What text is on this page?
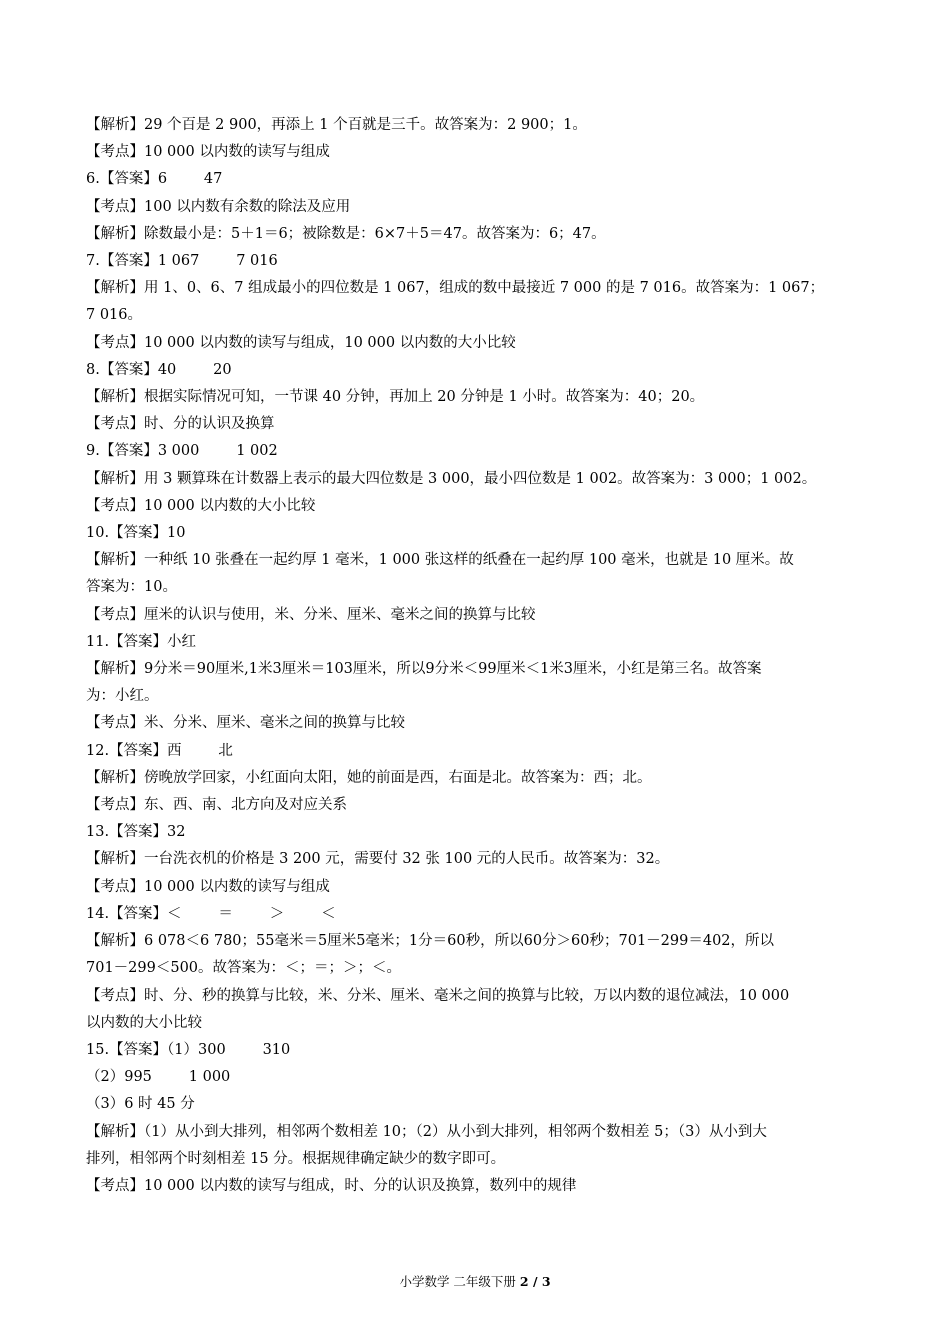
【解析】29 个百是 2 900，再添上 1 个百就是三千。故答案为：2 900；1。

【考点】10 000 以内数的读写与组成

6.【答案】6        47

【考点】100 以内数有余数的除法及应用

【解析】除数最小是：5＋1＝6；被除数是：6×7＋5＝47。故答案为：6；47。

7.【答案】1 067        7 016

【解析】用 1、0、6、7 组成最小的四位数是 1 067，组成的数中最接近 7 000 的是 7 016。故答案为：1 067；

7 016。

【考点】10 000 以内数的读写与组成，10 000 以内数的大小比较

8.【答案】40        20

【解析】根据实际情况可知，一节课 40 分钟，再加上 20 分钟是 1 小时。故答案为：40；20。

【考点】时、分的认识及换算

9.【答案】3 000        1 002

【解析】用 3 颗算珠在计数器上表示的最大四位数是 3 000，最小四位数是 1 002。故答案为：3 000；1 002。

【考点】10 000 以内数的大小比较

10.【答案】10

【解析】一种纸 10 张叠在一起约厚 1 毫米，1 000 张这样的纸叠在一起约厚 100 毫米，也就是 10 厘米。故

答案为：10。

【考点】厘米的认识与使用，米、分米、厘米、毫米之间的换算与比较

11.【答案】小红

【解析】9分米＝90厘米,1米3厘米＝103厘米，所以9分米＜99厘米＜1米3厘米，小红是第三名。故答案

为：小红。

【考点】米、分米、厘米、毫米之间的换算与比较

12.【答案】西        北

【解析】傍晚放学回家，小红面向太阳，她的前面是西，右面是北。故答案为：西；北。

【考点】东、西、南、北方向及对应关系

13.【答案】32

【解析】一台洗衣机的价格是 3 200 元，需要付 32 张 100 元的人民币。故答案为：32。

【考点】10 000 以内数的读写与组成

14.【答案】＜        ＝        ＞        ＜

【解析】6 078＜6 780；55毫米＝5厘米5毫米；1分＝60秒，所以60分＞60秒；701－299＝402，所以

701－299＜500。故答案为：＜；＝；＞；＜。

【考点】时、分、秒的换算与比较，米、分米、厘米、毫米之间的换算与比较，万以内数的退位减法，10 000

以内数的大小比较

15.【答案】（1）300        310

（2）995        1 000

（3）6 时 45 分

【解析】（1）从小到大排列，相邻两个数相差 10；（2）从小到大排列，相邻两个数相差 5；（3）从小到大

排列，相邻两个时刻相差 15 分。根据规律确定缺少的数字即可。

【考点】10 000 以内数的读写与组成，时、分的认识及换算，数列中的规律

小学数学 二年级下册 2 / 3
